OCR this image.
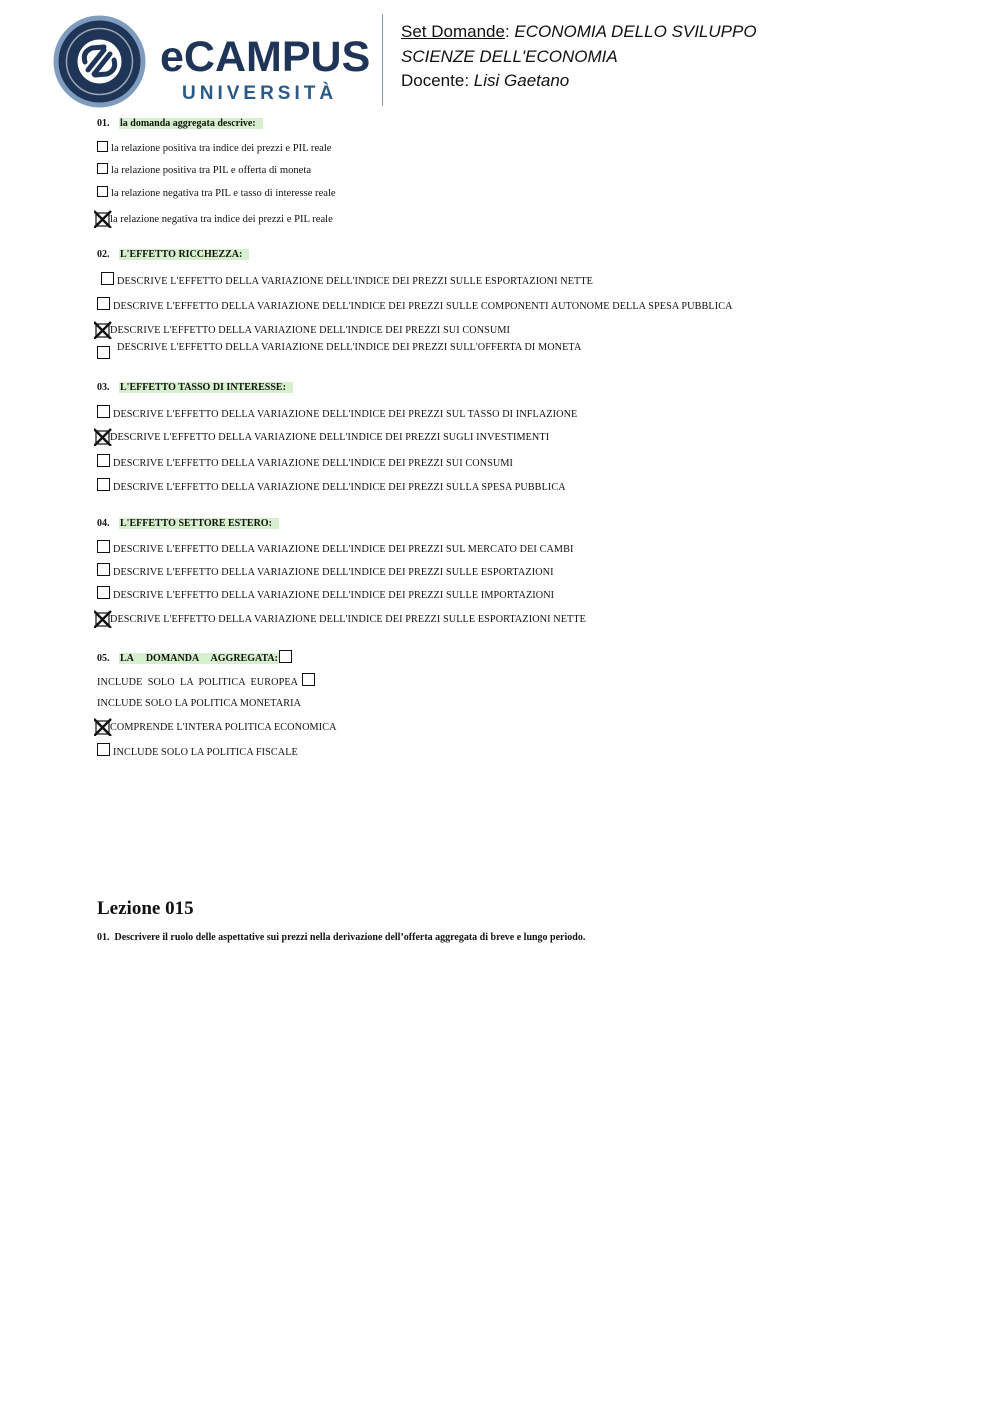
eCAMPUS
UNIVERSITÀ
Set Domande: ECONOMIA DELLO SVILUPPO
SCIENZE DELL'ECONOMIA
Docente: Lisi Gaetano
01. la domanda aggregata descrive:
la relazione positiva tra indice dei prezzi e PIL reale
la relazione positiva tra PIL e offerta di moneta
la relazione negativa tra PIL e tasso di interesse reale
la relazione negativa tra indice dei prezzi e PIL reale
02. L'EFFETTO RICCHEZZA:
DESCRIVE L'EFFETTO DELLA VARIAZIONE DELL'INDICE DEI PREZZI SULLE ESPORTAZIONI NETTE
DESCRIVE L'EFFETTO DELLA VARIAZIONE DELL'INDICE DEI PREZZI SULLE COMPONENTI AUTONOME DELLA SPESA PUBBLICA
DESCRIVE L'EFFETTO DELLA VARIAZIONE DELL'INDICE DEI PREZZI SUI CONSUMI
DESCRIVE L'EFFETTO DELLA VARIAZIONE DELL'INDICE DEI PREZZI SULL'OFFERTA DI MONETA
03. L'EFFETTO TASSO DI INTERESSE:
DESCRIVE L'EFFETTO DELLA VARIAZIONE DELL'INDICE DEI PREZZI SUL TASSO DI INFLAZIONE
DESCRIVE L'EFFETTO DELLA VARIAZIONE DELL'INDICE DEI PREZZI SUGLI INVESTIMENTI
DESCRIVE L'EFFETTO DELLA VARIAZIONE DELL'INDICE DEI PREZZI SUI CONSUMI
DESCRIVE L'EFFETTO DELLA VARIAZIONE DELL'INDICE DEI PREZZI SULLA SPESA PUBBLICA
04. L'EFFETTO SETTORE ESTERO:
DESCRIVE L'EFFETTO DELLA VARIAZIONE DELL'INDICE DEI PREZZI SUL MERCATO DEI CAMBI
DESCRIVE L'EFFETTO DELLA VARIAZIONE DELL'INDICE DEI PREZZI SULLE ESPORTAZIONI
DESCRIVE L'EFFETTO DELLA VARIAZIONE DELL'INDICE DEI PREZZI SULLE IMPORTAZIONI
DESCRIVE L'EFFETTO DELLA VARIAZIONE DELL'INDICE DEI PREZZI SULLE ESPORTAZIONI NETTE
05. LA     DOMANDA     AGGREGATA:
INCLUDE  SOLO  LA  POLITICA  EUROPEA
INCLUDE SOLO LA POLITICA MONETARIA
COMPRENDE L'INTERA POLITICA ECONOMICA
INCLUDE SOLO LA POLITICA FISCALE
Lezione 015
01. Descrivere il ruolo delle aspettative sui prezzi nella derivazione dell’offerta aggregata di breve e lungo periodo.
